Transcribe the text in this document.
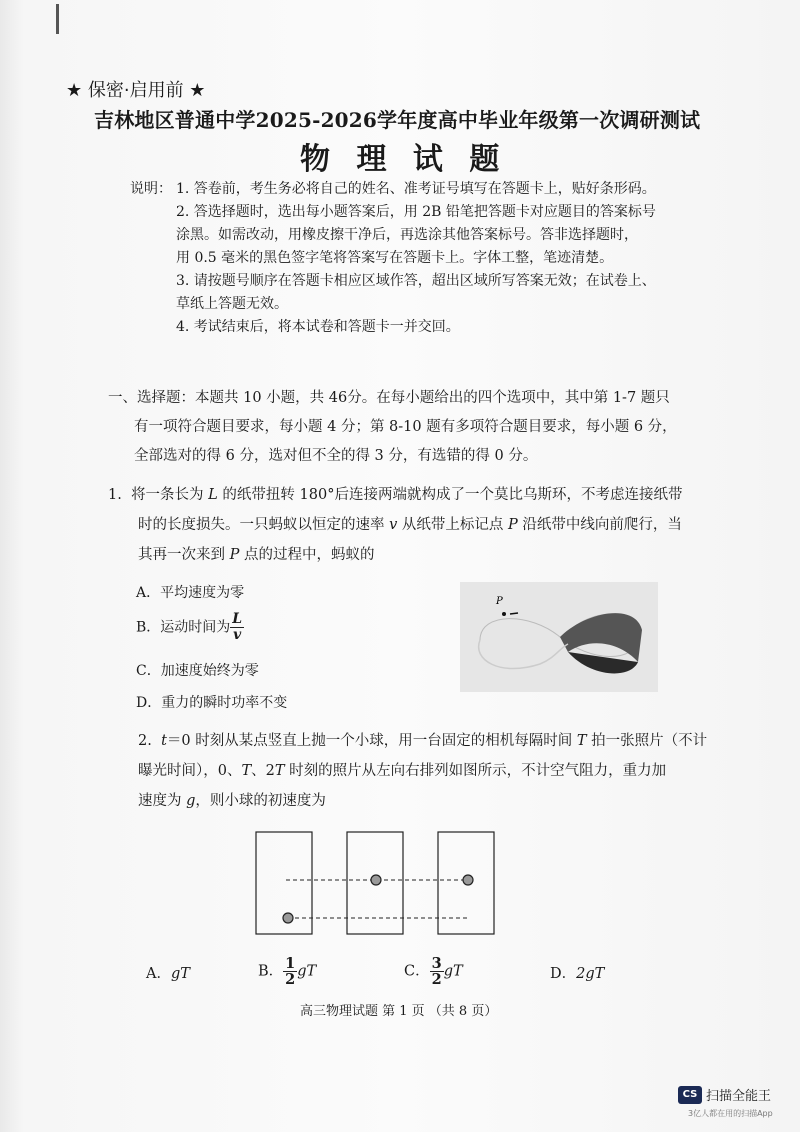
★ 保密·启用前 ★
吉林地区普通中学2025-2026学年度高中毕业年级第一次调研测试
物 理 试 题
说明： 1. 答卷前，考生务必将自己的姓名、准考证号填写在答题卡上，贴好条形码。
2. 答选择题时，选出每小题答案后，用 2B 铅笔把答题卡对应题目的答案标号
涂黑。如需改动，用橡皮擦干净后，再选涂其他答案标号。答非选择题时，
用 0.5 毫米的黑色签字笔将答案写在答题卡上。字体工整，笔迹清楚。
3. 请按题号顺序在答题卡相应区域作答，超出区域所写答案无效；在试卷上、
草纸上答题无效。
4. 考试结束后，将本试卷和答题卡一并交回。
一、选择题：本题共 10 小题，共 46分。在每小题给出的四个选项中，其中第 1-7 题只
有一项符合题目要求，每小题 4 分；第 8-10 题有多项符合题目要求，每小题 6 分，
全部选对的得 6 分，选对但不全的得 3 分，有选错的得 0 分。
1. 将一条长为 L 的纸带扭转 180°后连接两端就构成了一个莫比乌斯环，不考虑连接纸带
时的长度损失。一只蚂蚁以恒定的速率 v 从纸带上标记点 P 沿纸带中线向前爬行，当
其再一次来到 P 点的过程中，蚂蚁的
A．平均速度为零
B．运动时间为 $\frac{L}{v}$
C．加速度始终为零
D．重力的瞬时功率不变
P
2. t＝0 时刻从某点竖直上抛一个小球，用一台固定的相机每隔时间 T 拍一张照片（不计
曝光时间），0、T、2T 时刻的照片从左向右排列如图所示，不计空气阻力，重力加
速度为 g，则小球的初速度为
A．gT	B． $\frac{1}{2}$ gT	C． $\frac{3}{2}$ gT	D．2gT
高三物理试题 第 1 页 （共 8 页）
CS 扫描全能王
3亿人都在用的扫描App
